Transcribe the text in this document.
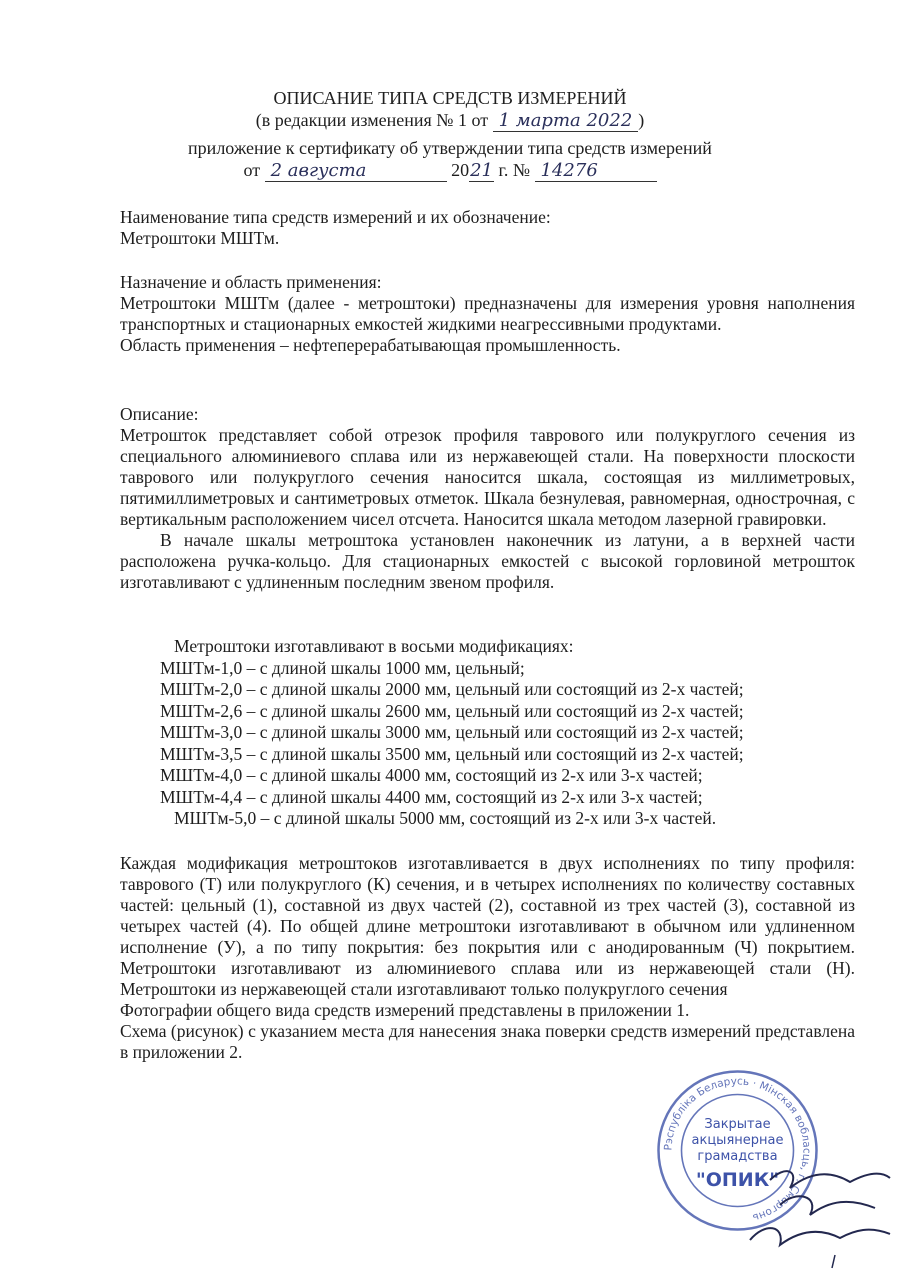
ОПИСАНИЕ ТИПА СРЕДСТВ ИЗМЕРЕНИЙ
(в редакции изменения № 1 от 1 марта 2022 )
приложение к сертификату об утверждении типа средств измерений
от 2 августа	2021 г. № 14276

Наименование типа средств измерений и их обозначение:

Метроштоки МШТм.

Назначение и область применения:

Метроштоки МШТм (далее - метроштоки) предназначены для измерения уровня наполнения транспортных и стационарных емкостей жидкими неагрессивными продуктами.

Область применения – нефтеперерабатывающая промышленность.

Описание:

Метрошток представляет собой отрезок профиля таврового или полукруглого сечения из специального алюминиевого сплава или из нержавеющей стали. На поверхности плоскости таврового или полукруглого сечения наносится шкала, состоящая из миллиметровых, пятимиллиметровых и сантиметровых отметок. Шкала безнулевая, равномерная, однострочная, с вертикальным расположением чисел отсчета. Наносится шкала методом лазерной гравировки.

В начале шкалы метроштока установлен наконечник из латуни, а в верхней части расположена ручка-кольцо. Для стационарных емкостей с высокой горловиной метрошток изготавливают с удлиненным последним звеном профиля.

Метроштоки изготавливают в восьми модификациях:
МШТм-1,0 – с длиной шкалы 1000 мм, цельный;
МШТм-2,0 – с длиной шкалы 2000 мм, цельный или состоящий из 2-х частей;
МШТм-2,6 – с длиной шкалы 2600 мм, цельный или состоящий из 2-х частей;
МШТм-3,0 – с длиной шкалы 3000 мм, цельный или состоящий из 2-х частей;
МШТм-3,5 – с длиной шкалы 3500 мм, цельный или состоящий из 2-х частей;
МШТм-4,0 – с длиной шкалы 4000 мм, состоящий из 2-х или 3-х частей;
МШТм-4,4 – с длиной шкалы 4400 мм, состоящий из 2-х или 3-х частей;
МШТм-5,0 – с длиной шкалы 5000 мм, состоящий из 2-х или 3-х частей.

Каждая модификация метроштоков изготавливается в двух исполнениях по типу профиля: таврового (Т) или полукруглого (К) сечения, и в четырех исполнениях по количеству составных частей: цельный (1), составной из двух частей (2), составной из трех частей (3), составной из четырех частей (4). По общей длине метроштоки изготавливают в обычном или удлиненном исполнение (У), а по типу покрытия: без покрытия или с анодированным (Ч) покрытием. Метроштоки изготавливают из алюминиевого сплава или из нержавеющей стали (Н). Метроштоки из нержавеющей стали изготавливают только полукруглого сечения

Фотографии общего вида средств измерений представлены в приложении 1.

Схема (рисунок) с указанием места для нанесения знака поверки средств измерений представлена в приложении 2.

Рэспубліка Беларусь · Мінская вобласць, г. Смаргонь
Закрытае
акцыянернае
грамадства
"ОПИК"
